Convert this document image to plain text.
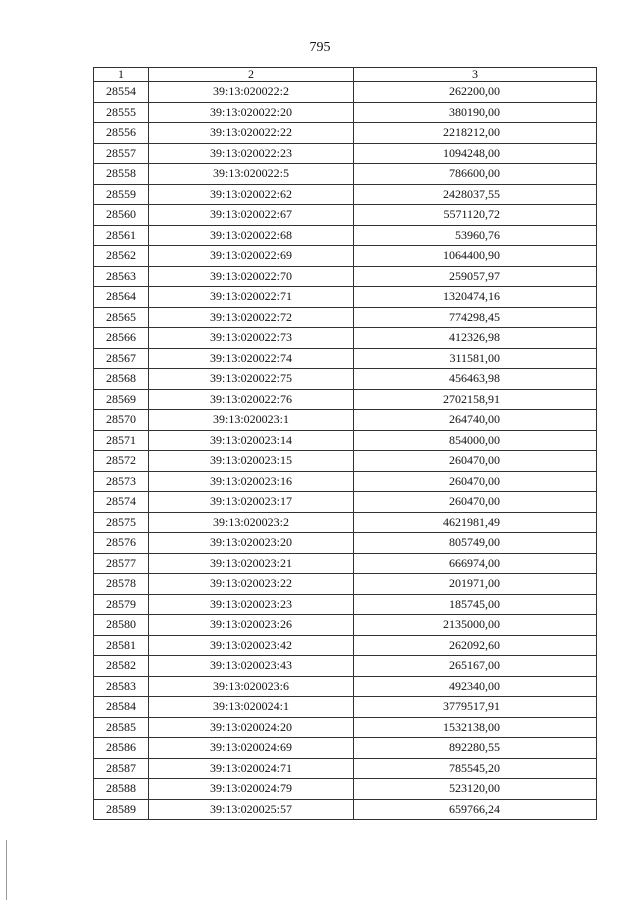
795
1	2	3
28554	39:13:020022:2	262200,00
28555	39:13:020022:20	380190,00
28556	39:13:020022:22	2218212,00
28557	39:13:020022:23	1094248,00
28558	39:13:020022:5	786600,00
28559	39:13:020022:62	2428037,55
28560	39:13:020022:67	5571120,72
28561	39:13:020022:68	53960,76
28562	39:13:020022:69	1064400,90
28563	39:13:020022:70	259057,97
28564	39:13:020022:71	1320474,16
28565	39:13:020022:72	774298,45
28566	39:13:020022:73	412326,98
28567	39:13:020022:74	311581,00
28568	39:13:020022:75	456463,98
28569	39:13:020022:76	2702158,91
28570	39:13:020023:1	264740,00
28571	39:13:020023:14	854000,00
28572	39:13:020023:15	260470,00
28573	39:13:020023:16	260470,00
28574	39:13:020023:17	260470,00
28575	39:13:020023:2	4621981,49
28576	39:13:020023:20	805749,00
28577	39:13:020023:21	666974,00
28578	39:13:020023:22	201971,00
28579	39:13:020023:23	185745,00
28580	39:13:020023:26	2135000,00
28581	39:13:020023:42	262092,60
28582	39:13:020023:43	265167,00
28583	39:13:020023:6	492340,00
28584	39:13:020024:1	3779517,91
28585	39:13:020024:20	1532138,00
28586	39:13:020024:69	892280,55
28587	39:13:020024:71	785545,20
28588	39:13:020024:79	523120,00
28589	39:13:020025:57	659766,24
